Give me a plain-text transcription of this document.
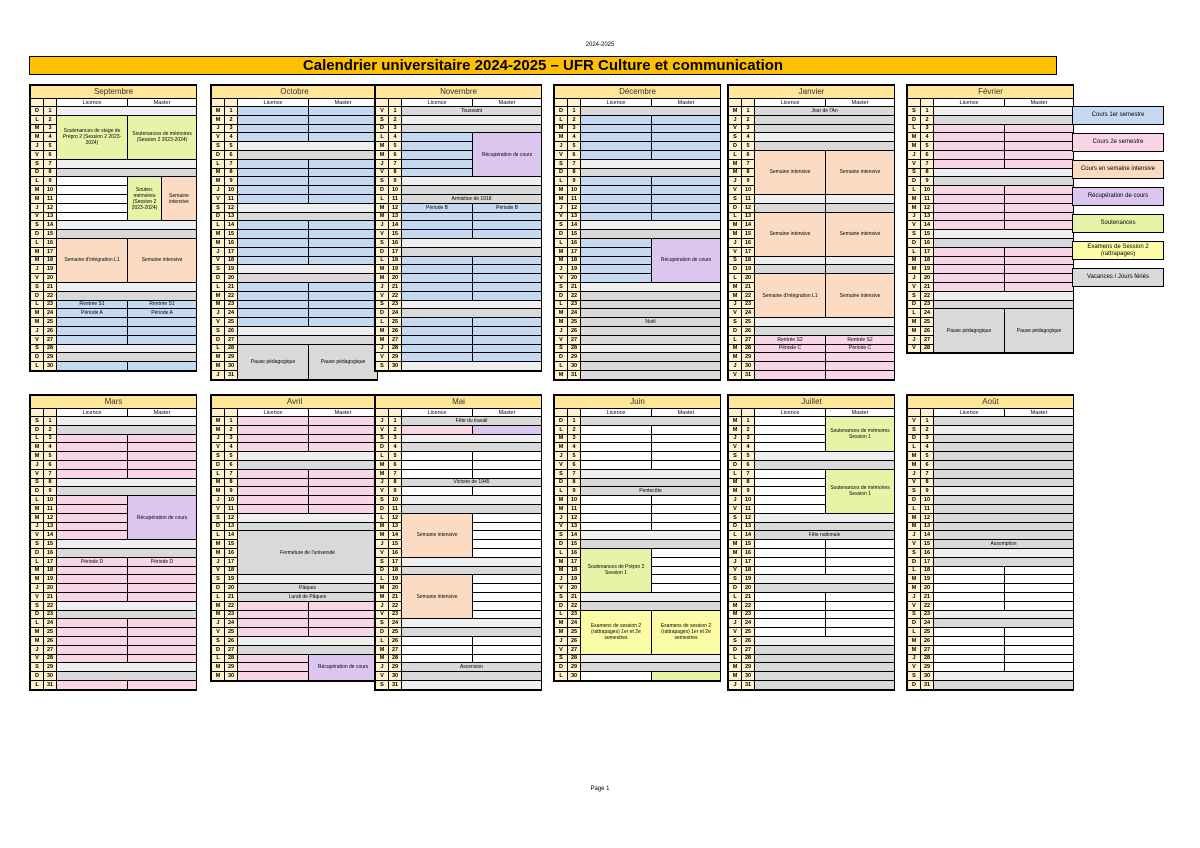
2024-2025
Calendrier universitaire 2024-2025 – UFR Culture et communication
Septembre				
		Licence	Master	
D	1			
L	2	Soutenances de stage de Prépro 2 (Session 2 2023-2024)	Soutenances de mémoires (Session 2 2023-2024)	
M	3			
M	4			
J	5			
V	6			
S	7			
D	8			
L	9		Souten. mémoires (Session 2 2023-2024)	Semaine intensive
M	10			
M	11			
J	12			
V	13			
S	14			
D	15			
L	16	Semaine d'intégration L1	Semaine intensive	
M	17			
M	18			
J	19			
V	20			
S	21			
D	22			
L	23	Rentrée S1	Rentrée S1	
M	24	Période A	Période A	
M	25			
J	26			
V	27			
S	28			
D	29			
L	30			
Octobre			
		Licence	Master
M	1		
M	2		
J	3		
V	4		
S	5		
D	6		
L	7		
M	8		
M	9		
J	10		
V	11		
S	12		
D	13		
L	14		
M	15		
M	16		
J	17		
V	18		
S	19		
D	20		
L	21		
M	22		
M	23		
J	24		
V	25		
S	26		
D	27		
L	28	Pause pédagogique	Pause pédagogique
M	29		
M	30		
J	31		
Novembre			
		Licence	Master
V	1	Toussaint	
S	2		
D	3		
L	4		Récupération de cours
M	5		
M	6		
J	7		
V	8		
S	9		
D	10		
L	11	Armistice de 1918	
M	12	Période B	Période B
M	13		
J	14		
V	15		
S	16		
D	17		
L	18		
M	19		
M	20		
J	21		
V	22		
S	23		
D	24		
L	25		
M	26		
M	27		
J	28		
V	29		
S	30		
Décembre			
		Licence	Master
D	1		
L	2		
M	3		
M	4		
J	5		
V	6		
S	7		
D	8		
L	9		
M	10		
M	11		
J	12		
V	13		
S	14		
D	15		
L	16		Récupération de cours
M	17		
M	18		
J	19		
V	20		
S	21		
D	22		
L	23		
M	24		
M	25	Noël	
J	26		
V	27		
S	28		
D	29		
L	30		
M	31		
Janvier			
		Licence	Master
M	1	Jour de l'An	
J	2		
V	3		
S	4		
D	5		
L	6	Semaine intensive	Semaine intensive
M	7		
M	8		
J	9		
V	10		
S	11		
D	12		
L	13	Semaine intensive	Semaine intensive
M	14		
M	15		
J	16		
V	17		
S	18		
D	19		
L	20	Semaine d'intégration L1	Semaine intensive
M	21		
M	22		
J	23		
V	24		
S	25		
D	26		
L	27	Rentrée S2	Rentrée S2
M	28	Période C	Période C
M	29		
J	30		
V	31		
Février			
		Licence	Master
S	1		
D	2		
L	3		
M	4		
M	5		
J	6		
V	7		
S	8		
D	9		
L	10		
M	11		
M	12		
J	13		
V	14		
S	15		
D	16		
L	17		
M	18		
M	19		
J	20		
V	21		
S	22		
D	23		
L	24	Pause pédagogique	Pause pédagogique
M	25		
M	26		
J	27		
V	28		
Mars			
		Licence	Master
S	1		
D	2		
L	3		
M	4		
M	5		
J	6		
V	7		
S	8		
D	9		
L	10		Récupération de cours
M	11		
M	12		
J	13		
V	14		
S	15		
D	16		
L	17	Période D	Période D
M	18		
M	19		
J	20		
V	21		
S	22		
D	23		
L	24		
M	25		
M	26		
J	27		
V	28		
S	29		
D	30		
L	31		
Avril			
		Licence	Master
M	1		
M	2		
J	3		
V	4		
S	5		
D	6		
L	7		
M	8		
M	9		
J	10		
V	11		
S	12		
D	13		
L	14	Fermeture de l'université	
M	15		
M	16		
J	17		
V	18		
S	19		
D	20	Pâques	
L	21	Lundi de Pâques	
M	22		
M	23		
J	24		
V	25		
S	26		
D	27		
L	28		Récupération de cours
M	29		
M	30		
Mai			
		Licence	Master
J	1	Fête du travail	
V	2		
S	3		
D	4		
L	5		
M	6		
M	7		
J	8	Victoire de 1945	
V	9		
S	10		
D	11		
L	12	Semaine intensive	
M	13		
M	14		
J	15		
V	16		
S	17		
D	18		
L	19	Semaine intensive	
M	20		
M	21		
J	22		
V	23		
S	24		
D	25		
L	26		
M	27		
M	28		
J	29	Ascension	
V	30		
S	31		
Juin			
		Licence	Master
D	1		
L	2		
M	3		
M	4		
J	5		
V	6		
S	7		
D	8		
L	9	Pentecôte	
M	10		
M	11		
J	12		
V	13		
S	14		
D	15		
L	16	Soutenances de Prépro 2 Session 1	
M	17		
M	18		
J	19		
V	20		
S	21		
D	22		
L	23	Examens de session 2 (rattrapages) 1er et 2e semestres	Examens de session 2 (rattrapages) 1er et 2e semestres
M	24		
M	25		
J	26		
V	27		
S	28		
D	29		
L	30		
Juillet			
		Licence	Master
M	1		Soutenances de mémoires Session 1
M	2		
J	3		
V	4		
S	5		
D	6		
L	7		Soutenances de mémoires Session 1
M	8		
M	9		
J	10		
V	11		
S	12		
D	13		
L	14	Fête nationale	
M	15		
M	16		
J	17		
V	18		
S	19		
D	20		
L	21		
M	22		
M	23		
J	24		
V	25		
S	26		
D	27		
L	28		
M	29		
M	30		
J	31		
Août			
		Licence	Master
V	1		
S	2		
D	3		
L	4		
M	5		
M	6		
J	7		
V	8		
S	9		
D	10		
L	11		
M	12		
M	13		
J	14		
V	15	Assomption	
S	16		
D	17		
L	18		
M	19		
M	20		
J	21		
V	22		
S	23		
D	24		
L	25		
M	26		
M	27		
J	28		
V	29		
S	30		
D	31		
Cours 1er semestre
Cours 2e semestre
Cours en semaine intensive
Récupération de cours
Soutenances
Examens de Session 2 (rattrapages)
Vacances / Jours fériés
Page 1
